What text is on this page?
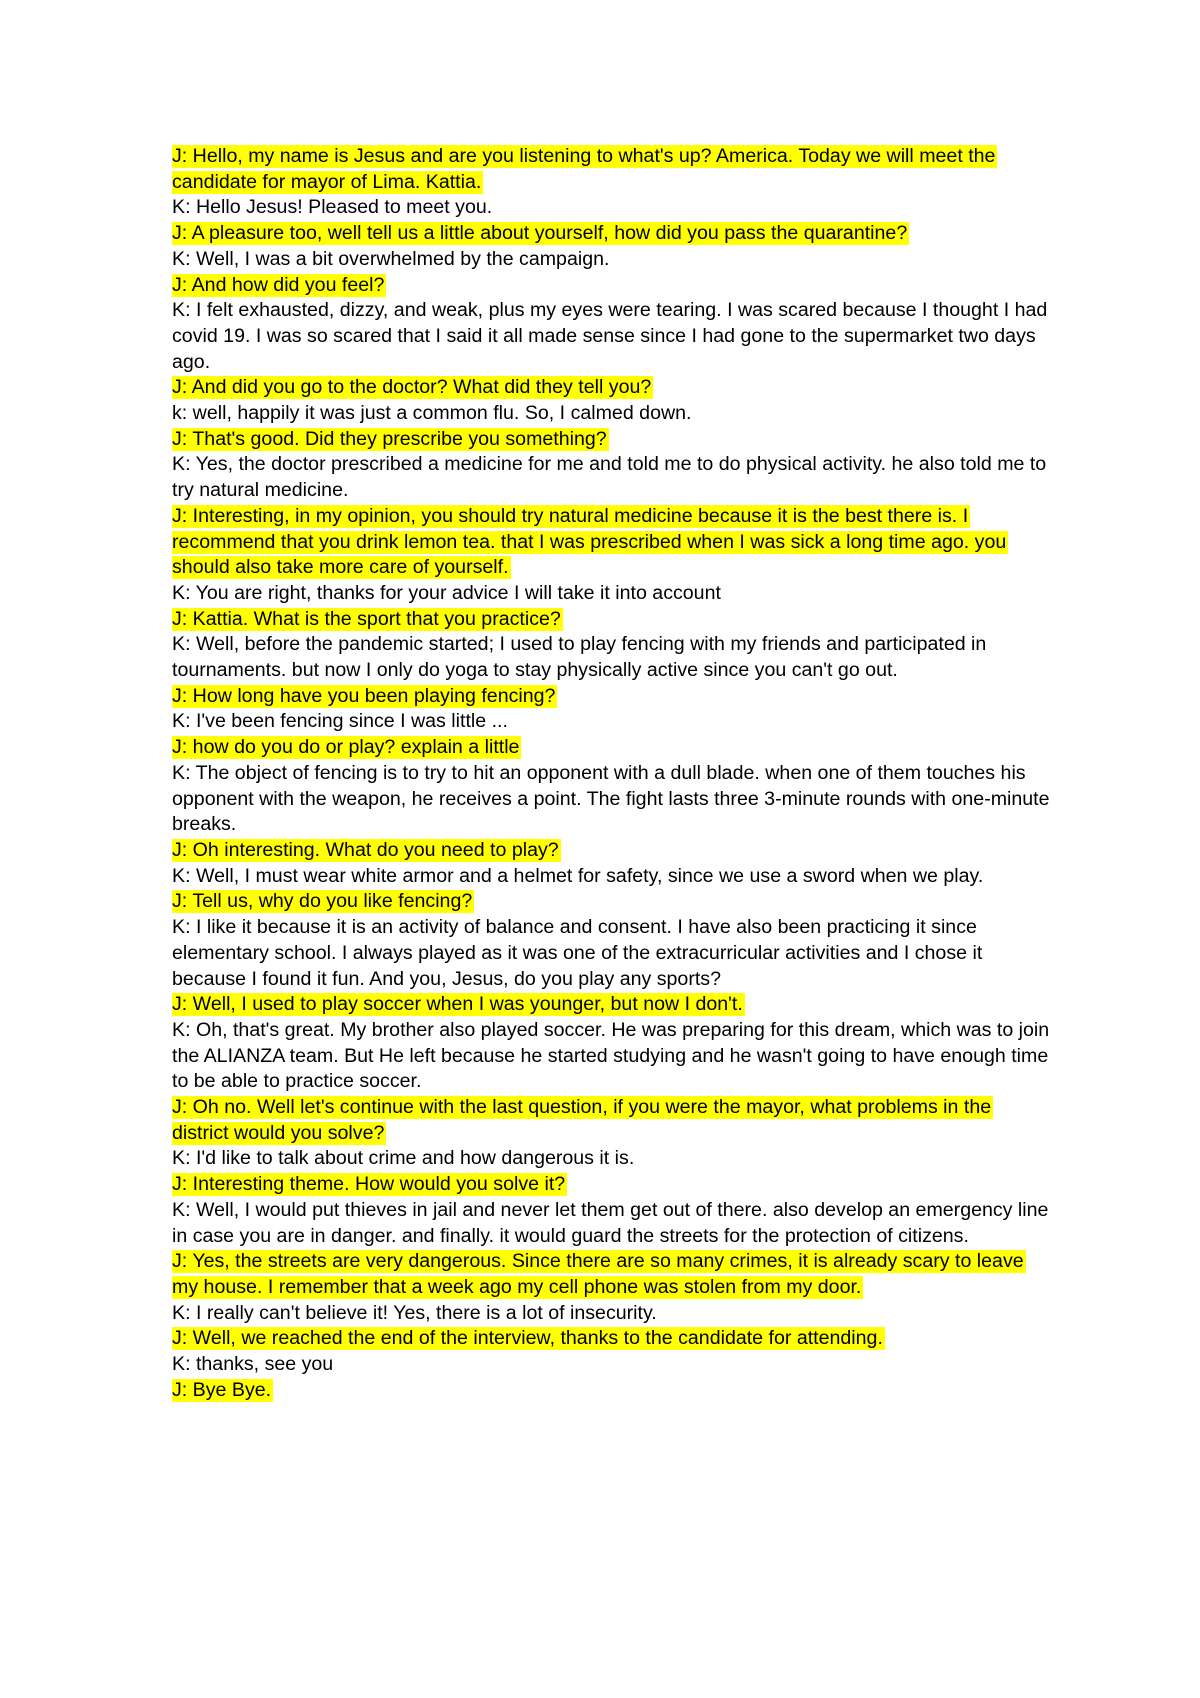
J: Hello, my name is Jesus and are you listening to what's up? America. Today we will meet the candidate for mayor of Lima. Kattia.

K: Hello Jesus! Pleased to meet you.

J: A pleasure too, well tell us a little about yourself, how did you pass the quarantine?

K: Well, I was a bit overwhelmed by the campaign.

J: And how did you feel?

K: I felt exhausted, dizzy, and weak, plus my eyes were tearing. I was scared because I thought I had covid 19. I was so scared that I said it all made sense since I had gone to the supermarket two days ago.

J: And did you go to the doctor? What did they tell you?

k: well, happily it was just a common flu. So, I calmed down.

J: That's good. Did they prescribe you something?

K: Yes, the doctor prescribed a medicine for me and told me to do physical activity. he also told me to try natural medicine.

J: Interesting, in my opinion, you should try natural medicine because it is the best there is. I recommend that you drink lemon tea. that I was prescribed when I was sick a long time ago. you should also take more care of yourself.

K: You are right, thanks for your advice I will take it into account

J: Kattia. What is the sport that you practice?

K: Well, before the pandemic started; I used to play fencing with my friends and participated in tournaments. but now I only do yoga to stay physically active since you can't go out.

J: How long have you been playing fencing?

K: I've been fencing since I was little ...

J: how do you do or play? explain a little

K: The object of fencing is to try to hit an opponent with a dull blade. when one of them touches his opponent with the weapon, he receives a point. The fight lasts three 3-minute rounds with one-minute breaks.

J: Oh interesting. What do you need to play?

K: Well, I must wear white armor and a helmet for safety, since we use a sword when we play.

J: Tell us, why do you like fencing?

K: I like it because it is an activity of balance and consent. I have also been practicing it since elementary school. I always played as it was one of the extracurricular activities and I chose it because I found it fun. And you, Jesus, do you play any sports?

J: Well, I used to play soccer when I was younger, but now I don't.

K: Oh, that's great. My brother also played soccer. He was preparing for this dream, which was to join the ALIANZA team. But He left because he started studying and he wasn't going to have enough time to be able to practice soccer.

J: Oh no. Well let's continue with the last question, if you were the mayor, what problems in the district would you solve?

K: I'd like to talk about crime and how dangerous it is.

J: Interesting theme. How would you solve it?

K: Well, I would put thieves in jail and never let them get out of there. also develop an emergency line in case you are in danger. and finally. it would guard the streets for the protection of citizens.

J: Yes, the streets are very dangerous. Since there are so many crimes, it is already scary to leave my house. I remember that a week ago my cell phone was stolen from my door.

K: I really can't believe it! Yes, there is a lot of insecurity.

J: Well, we reached the end of the interview, thanks to the candidate for attending.

K: thanks, see you

J: Bye Bye.
